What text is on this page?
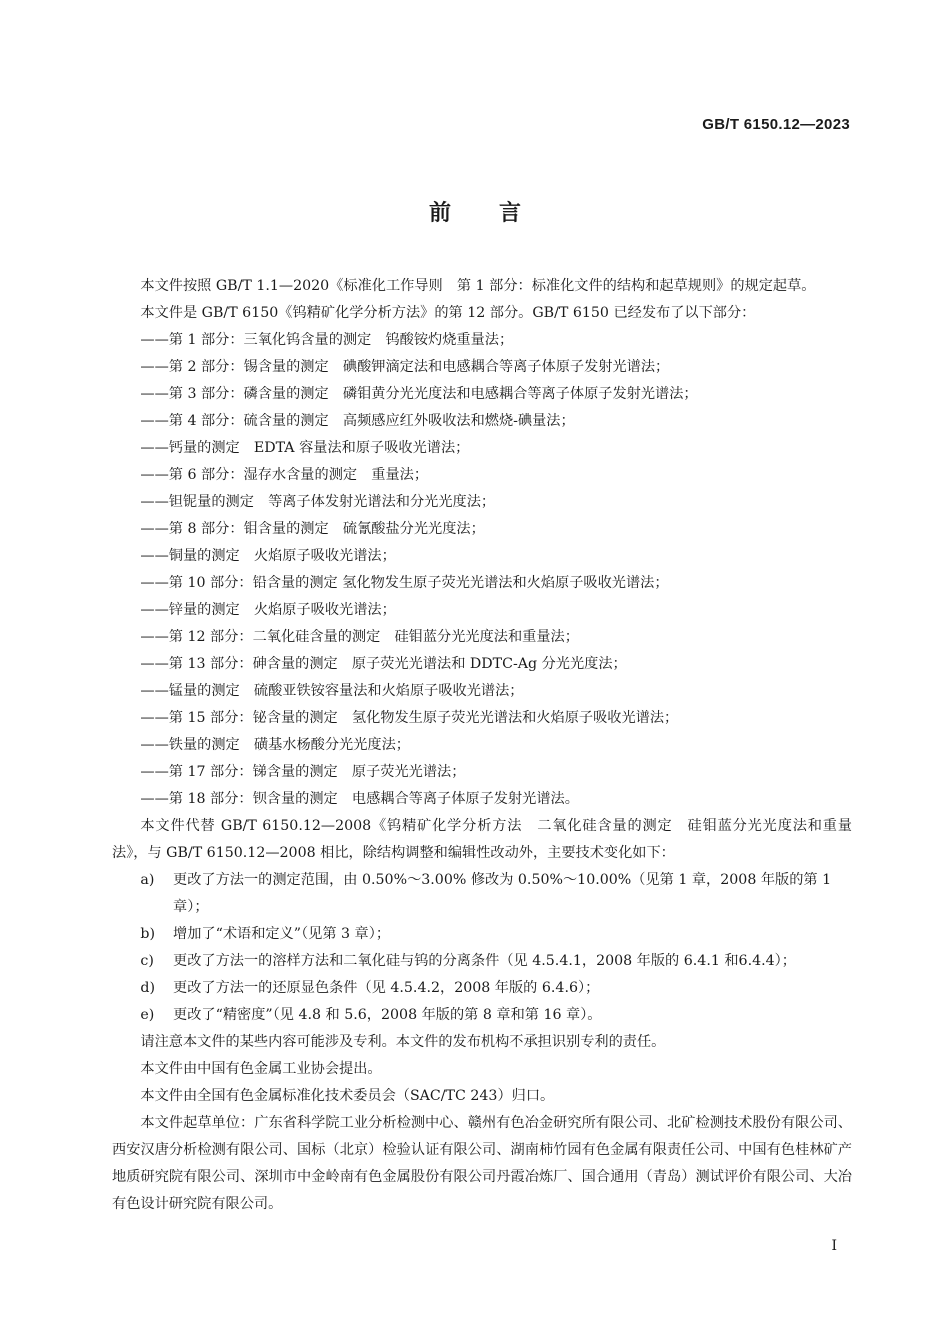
GB/T 6150.12—2023
前言

本文件按照 GB/T 1.1—2020《标准化工作导则　第 1 部分：标准化文件的结构和起草规则》的规定起草。

本文件是 GB/T 6150《钨精矿化学分析方法》的第 12 部分。GB/T 6150 已经发布了以下部分：

——第 1 部分：三氧化钨含量的测定　钨酸铵灼烧重量法；

——第 2 部分：锡含量的测定　碘酸钾滴定法和电感耦合等离子体原子发射光谱法；

——第 3 部分：磷含量的测定　磷钼黄分光光度法和电感耦合等离子体原子发射光谱法；

——第 4 部分：硫含量的测定　高频感应红外吸收法和燃烧-碘量法；

——钙量的测定　EDTA 容量法和原子吸收光谱法；

——第 6 部分：湿存水含量的测定　重量法；

——钽铌量的测定　等离子体发射光谱法和分光光度法；

——第 8 部分：钼含量的测定　硫氰酸盐分光光度法；

——铜量的测定　火焰原子吸收光谱法；

——第 10 部分：铅含量的测定 氢化物发生原子荧光光谱法和火焰原子吸收光谱法；

——锌量的测定　火焰原子吸收光谱法；

——第 12 部分：二氧化硅含量的测定　硅钼蓝分光光度法和重量法；

——第 13 部分：砷含量的测定　原子荧光光谱法和 DDTC-Ag 分光光度法；

——锰量的测定　硫酸亚铁铵容量法和火焰原子吸收光谱法；

——第 15 部分：铋含量的测定　氢化物发生原子荧光光谱法和火焰原子吸收光谱法；

——铁量的测定　磺基水杨酸分光光度法；

——第 17 部分：锑含量的测定　原子荧光光谱法；

——第 18 部分：钡含量的测定　电感耦合等离子体原子发射光谱法。

本文件代替 GB/T 6150.12—2008《钨精矿化学分析方法　二氧化硅含量的测定　硅钼蓝分光光度法和重量法》，与 GB/T 6150.12—2008 相比，除结构调整和编辑性改动外，主要技术变化如下：

a)	更改了方法一的测定范围，由 0.50%～3.00% 修改为 0.50%～10.00%（见第 1 章，2008 年版的第 1 章）；
b)	增加了“术语和定义”（见第 3 章）；
c)	更改了方法一的溶样方法和二氧化硅与钨的分离条件（见 4.5.4.1，2008 年版的 6.4.1 和6.4.4）；
d)	更改了方法一的还原显色条件（见 4.5.4.2，2008 年版的 6.4.6）；
e)	更改了“精密度”（见 4.8 和 5.6，2008 年版的第 8 章和第 16 章）。

请注意本文件的某些内容可能涉及专利。本文件的发布机构不承担识别专利的责任。

本文件由中国有色金属工业协会提出。

本文件由全国有色金属标准化技术委员会（SAC/TC 243）归口。

本文件起草单位：广东省科学院工业分析检测中心、赣州有色冶金研究所有限公司、北矿检测技术股份有限公司、西安汉唐分析检测有限公司、国标（北京）检验认证有限公司、湖南柿竹园有色金属有限责任公司、中国有色桂林矿产地质研究院有限公司、深圳市中金岭南有色金属股份有限公司丹霞冶炼厂、国合通用（青岛）测试评价有限公司、大冶有色设计研究院有限公司。

I
